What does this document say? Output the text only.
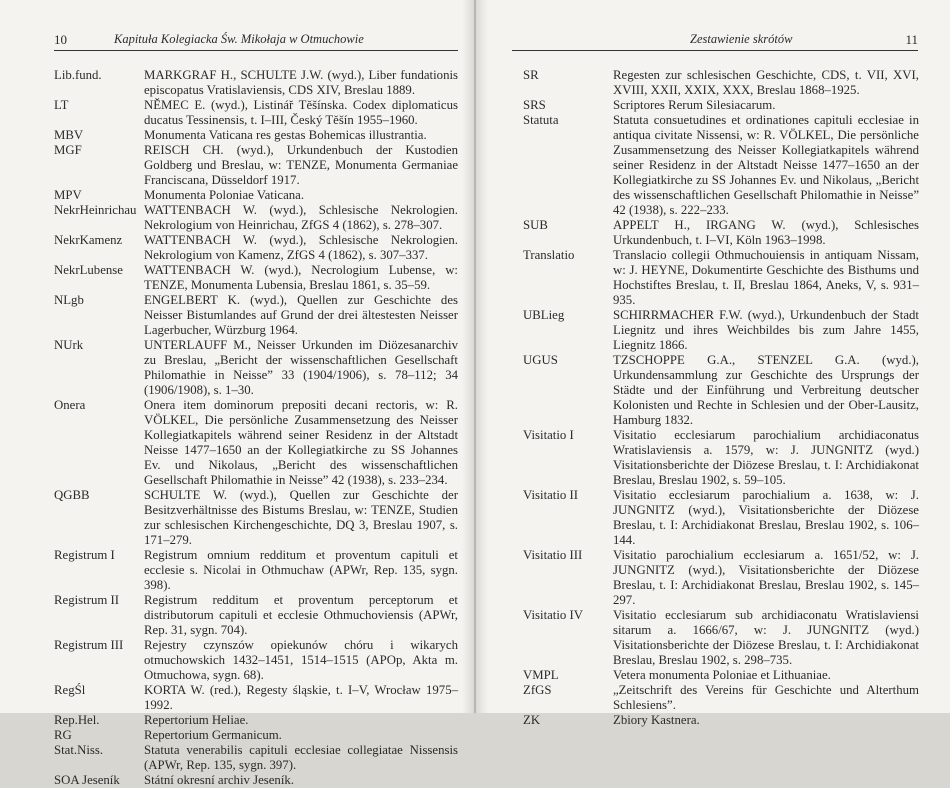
10	Kapituła Kolegiacka Św. Mikołaja w Otmuchowie
Lib.fund.	MARKGRAF H., SCHULTE J.W. (wyd.), Liber fundationis episcopatus Vratislaviensis, CDS XIV, Breslau 1889.
LT	NĚMEC E. (wyd.), Listinář Těšínska. Codex diplomaticus ducatus Tessinensis, t. I–III, Český Těšín 1955–1960.
MBV	Monumenta Vaticana res gestas Bohemicas illustrantia.
MGF	REISCH CH. (wyd.), Urkundenbuch der Kustodien Goldberg und Breslau, w: TENZE, Monumenta Germaniae Franciscana, Düsseldorf 1917.
MPV	Monumenta Poloniae Vaticana.
NekrHeinrichau WATTENBACH W. (wyd.), Schlesische Nekrologien. Nekrologium von Heinrichau, ZfGS 4 (1862), s. 278–307.
NekrKamenz	WATTENBACH W. (wyd.), Schlesische Nekrologien. Nekrologium von Kamenz, ZfGS 4 (1862), s. 307–337.
NekrLubense	WATTENBACH W. (wyd.), Necrologium Lubense, w: TENZE, Monumenta Lubensia, Breslau 1861, s. 35–59.
NLgb	ENGELBERT K. (wyd.), Quellen zur Geschichte des Neisser Bistumlandes auf Grund der drei ältestesten Neisser Lagerbucher, Würzburg 1964.
NUrk	UNTERLAUFF M., Neisser Urkunden im Diözesanarchiv zu Breslau, „Bericht der wissenschaftlichen Gesellschaft Philomathie in Neisse” 33 (1904/1906), s. 78–112; 34 (1906/1908), s. 1–30.
Onera	Onera item dominorum prepositi decani rectoris, w: R. VÖLKEL, Die persönliche Zusammensetzung des Neisser Kollegiatkapitels während seiner Residenz in der Altstadt Neisse 1477–1650 an der Kollegiatkirche zu SS Johannes Ev. und Nikolaus, „Bericht des wissenschaftlichen Gesellschaft Philomathie in Neisse” 42 (1938), s. 233–234.
QGBB	SCHULTE W. (wyd.), Quellen zur Geschichte der Besitzverhältnisse des Bistums Breslau, w: TENZE, Studien zur schlesischen Kirchengeschichte, DQ 3, Breslau 1907, s. 171–279.
Registrum I	Registrum omnium redditum et proventum capituli et ecclesie s. Nicolai in Othmuchaw (APWr, Rep. 135, sygn. 398).
Registrum II	Registrum redditum et proventum perceptorum et distributorum capituli et ecclesie Othmuchoviensis (APWr, Rep. 31, sygn. 704).
Registrum III	Rejestry czynszów opiekunów chóru i wikarych otmuchowskich 1432–1451, 1514–1515 (APOp, Akta m. Otmuchowa, sygn. 68).
RegŚl	KORTA W. (red.), Regesty śląskie, t. I–V, Wrocław 1975–1992.
Rep.Hel.	Repertorium Heliae.
RG	Repertorium Germanicum.
Stat.Niss.	Statuta venerabilis capituli ecclesiae collegiatae Nissensis (APWr, Rep. 135, sygn. 397).
SOA Jeseník	Státní okresní archiv Jeseník.
Zestawienie skrótów	11
SR	Regesten zur schlesischen Geschichte, CDS, t. VII, XVI, XVIII, XXII, XXIX, XXX, Breslau 1868–1925.
SRS	Scriptores Rerum Silesiacarum.
Statuta	Statuta consuetudines et ordinationes capituli ecclesiae in antiqua civitate Nissensi, w: R. VÖLKEL, Die persönliche Zusammensetzung des Neisser Kollegiatkapitels während seiner Residenz in der Altstadt Neisse 1477–1650 an der Kollegiatkirche zu SS Johannes Ev. und Nikolaus, „Bericht des wissenschaftlichen Gesellschaft Philomathie in Neisse” 42 (1938), s. 222–233.
SUB	APPELT H., IRGANG W. (wyd.), Schlesisches Urkundenbuch, t. I–VI, Köln 1963–1998.
Translatio	Translacio collegii Othmuchouiensis in antiquam Nissam, w: J. HEYNE, Dokumentirte Geschichte des Bisthums und Hochstiftes Breslau, t. II, Breslau 1864, Aneks, V, s. 931–935.
UBLieg	SCHIRRMACHER F.W. (wyd.), Urkundenbuch der Stadt Liegnitz und ihres Weichbildes bis zum Jahre 1455, Liegnitz 1866.
UGUS	TZSCHOPPE G.A., STENZEL G.A. (wyd.), Urkundensammlung zur Geschichte des Ursprungs der Städte und der Einführung und Verbreitung deutscher Kolonisten und Rechte in Schlesien und der Ober-Lausitz, Hamburg 1832.
Visitatio I	Visitatio ecclesiarum parochialium archidiaconatus Wratislaviensis a. 1579, w: J. JUNGNITZ (wyd.) Visitationsberichte der Diözese Breslau, t. I: Archidiakonat Breslau, Breslau 1902, s. 59–105.
Visitatio II	Visitatio ecclesiarum parochialium a. 1638, w: J. JUNGNITZ (wyd.), Visitationsberichte der Diözese Breslau, t. I: Archidiakonat Breslau, Breslau 1902, s. 106–144.
Visitatio III	Visitatio parochialium ecclesiarum a. 1651/52, w: J. JUNGNITZ (wyd.), Visitationsberichte der Diözese Breslau, t. I: Archidiakonat Breslau, Breslau 1902, s. 145–297.
Visitatio IV	Visitatio ecclesiarum sub archidiaconatu Wratislaviensi sitarum a. 1666/67, w: J. JUNGNITZ (wyd.) Visitationsberichte der Diözese Breslau, t. I: Archidiakonat Breslau, Breslau 1902, s. 298–735.
VMPL	Vetera monumenta Poloniae et Lithuaniae.
ZfGS	„Zeitschrift des Vereins für Geschichte und Alterthum Schlesiens”.
ZK	Zbiory Kastnera.
